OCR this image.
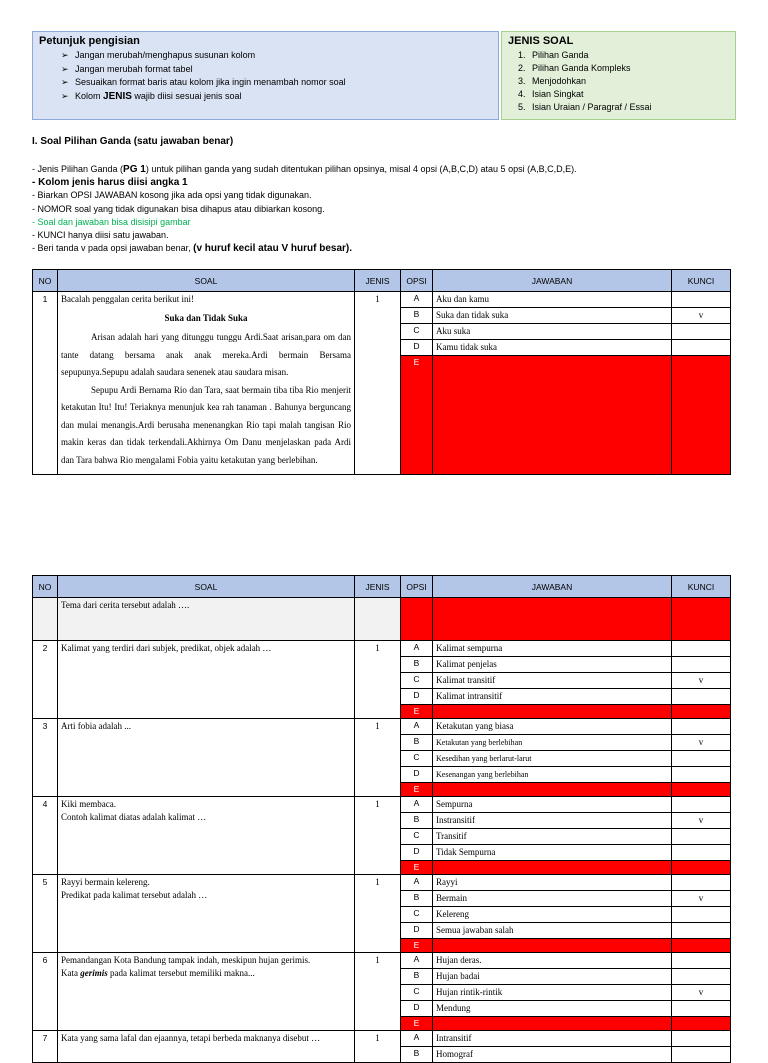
Petunjuk pengisian
➢ Jangan merubah/menghapus susunan kolom
➢ Jangan merubah format tabel
➢ Sesuaikan format baris atau kolom jika ingin menambah nomor soal
➢ Kolom JENIS wajib diisi sesuai jenis soal
JENIS SOAL
1. Pilihan Ganda
2. Pilihan Ganda Kompleks
3. Menjodohkan
4. Isian Singkat
5. Isian Uraian / Paragraf / Essai
I. Soal Pilihan Ganda (satu jawaban benar)
- Jenis Pilihan Ganda (PG 1) untuk pilihan ganda yang sudah ditentukan pilihan opsinya, misal 4 opsi (A,B,C,D) atau 5 opsi (A,B,C,D,E).
- Kolom jenis harus diisi angka 1
- Biarkan OPSI JAWABAN kosong jika ada opsi yang tidak digunakan.
- NOMOR soal yang tidak digunakan bisa dihapus atau dibiarkan kosong.
- Soal dan jawaban bisa disisipi gambar
- KUNCI hanya diisi satu jawaban.
- Beri tanda v pada opsi jawaban benar, (v huruf kecil atau V huruf besar).
NO	SOAL	JENIS	OPSI	JAWABAN	KUNCI
1	Bacalah penggalan cerita berikut ini!
Suka dan Tidak Suka
Arisan adalah hari yang ditunggu tunggu Ardi.Saat arisan,para om dan tante datang bersama anak anak mereka.Ardi bermain Bersama sepupunya.Sepupu adalah saudara senenek atau saudara misan.
Sepupu Ardi Bernama Rio dan Tara, saat bermain tiba tiba Rio menjerit ketakutan Itu! Itu! Teriaknya menunjuk kea rah tanaman . Bahunya berguncang dan mulai menangis.Ardi berusaha menenangkan Rio tapi malah tangisan Rio makin keras dan tidak terkendali.Akhirnya Om Danu menjelaskan pada Ardi dan Tara bahwa Rio mengalami Fobia yaitu ketakutan yang berlebihan.	1	A	Aku dan kamu	
			B	Suka dan tidak suka	v
			C	Aku suka	
			D	Kamu tidak suka	
			E		
NO	SOAL	JENIS	OPSI	JAWABAN	KUNCI
	Tema dari cerita tersebut adalah ….				
2	Kalimat yang terdiri dari subjek, predikat, objek adalah …	1	A	Kalimat sempurna	
			B	Kalimat penjelas	
			C	Kalimat transitif	v
			D	Kalimat intransitif	
			E		
3	Arti fobia adalah ...	1	A	Ketakutan yang biasa	
			B	Ketakutan yang berlebihan	v
			C	Kesedihan yang berlarut-larut	
			D	Kesenangan yang berlebihan	
			E		
4	Kiki membaca.
Contoh kalimat diatas adalah kalimat …	1	A	Sempurna	
			B	Instransitif	v
			C	Transitif	
			D	Tidak Sempurna	
			E		
5	Rayyi bermain kelereng.
Predikat pada kalimat tersebut adalah …	1	A	Rayyi	
			B	Bermain	v
			C	Kelereng	
			D	Semua jawaban salah	
			E		
6	Pemandangan Kota Bandung tampak indah, meskipun hujan gerimis.
Kata gerimis pada kalimat tersebut memiliki makna...	1	A	Hujan deras.	
			B	Hujan badai	
			C	Hujan rintik-rintik	v
			D	Mendung	
			E		
7	Kata yang sama lafal dan ejaannya, tetapi berbeda maknanya disebut …	1	A	Intransitif	
			B	Homograf	
